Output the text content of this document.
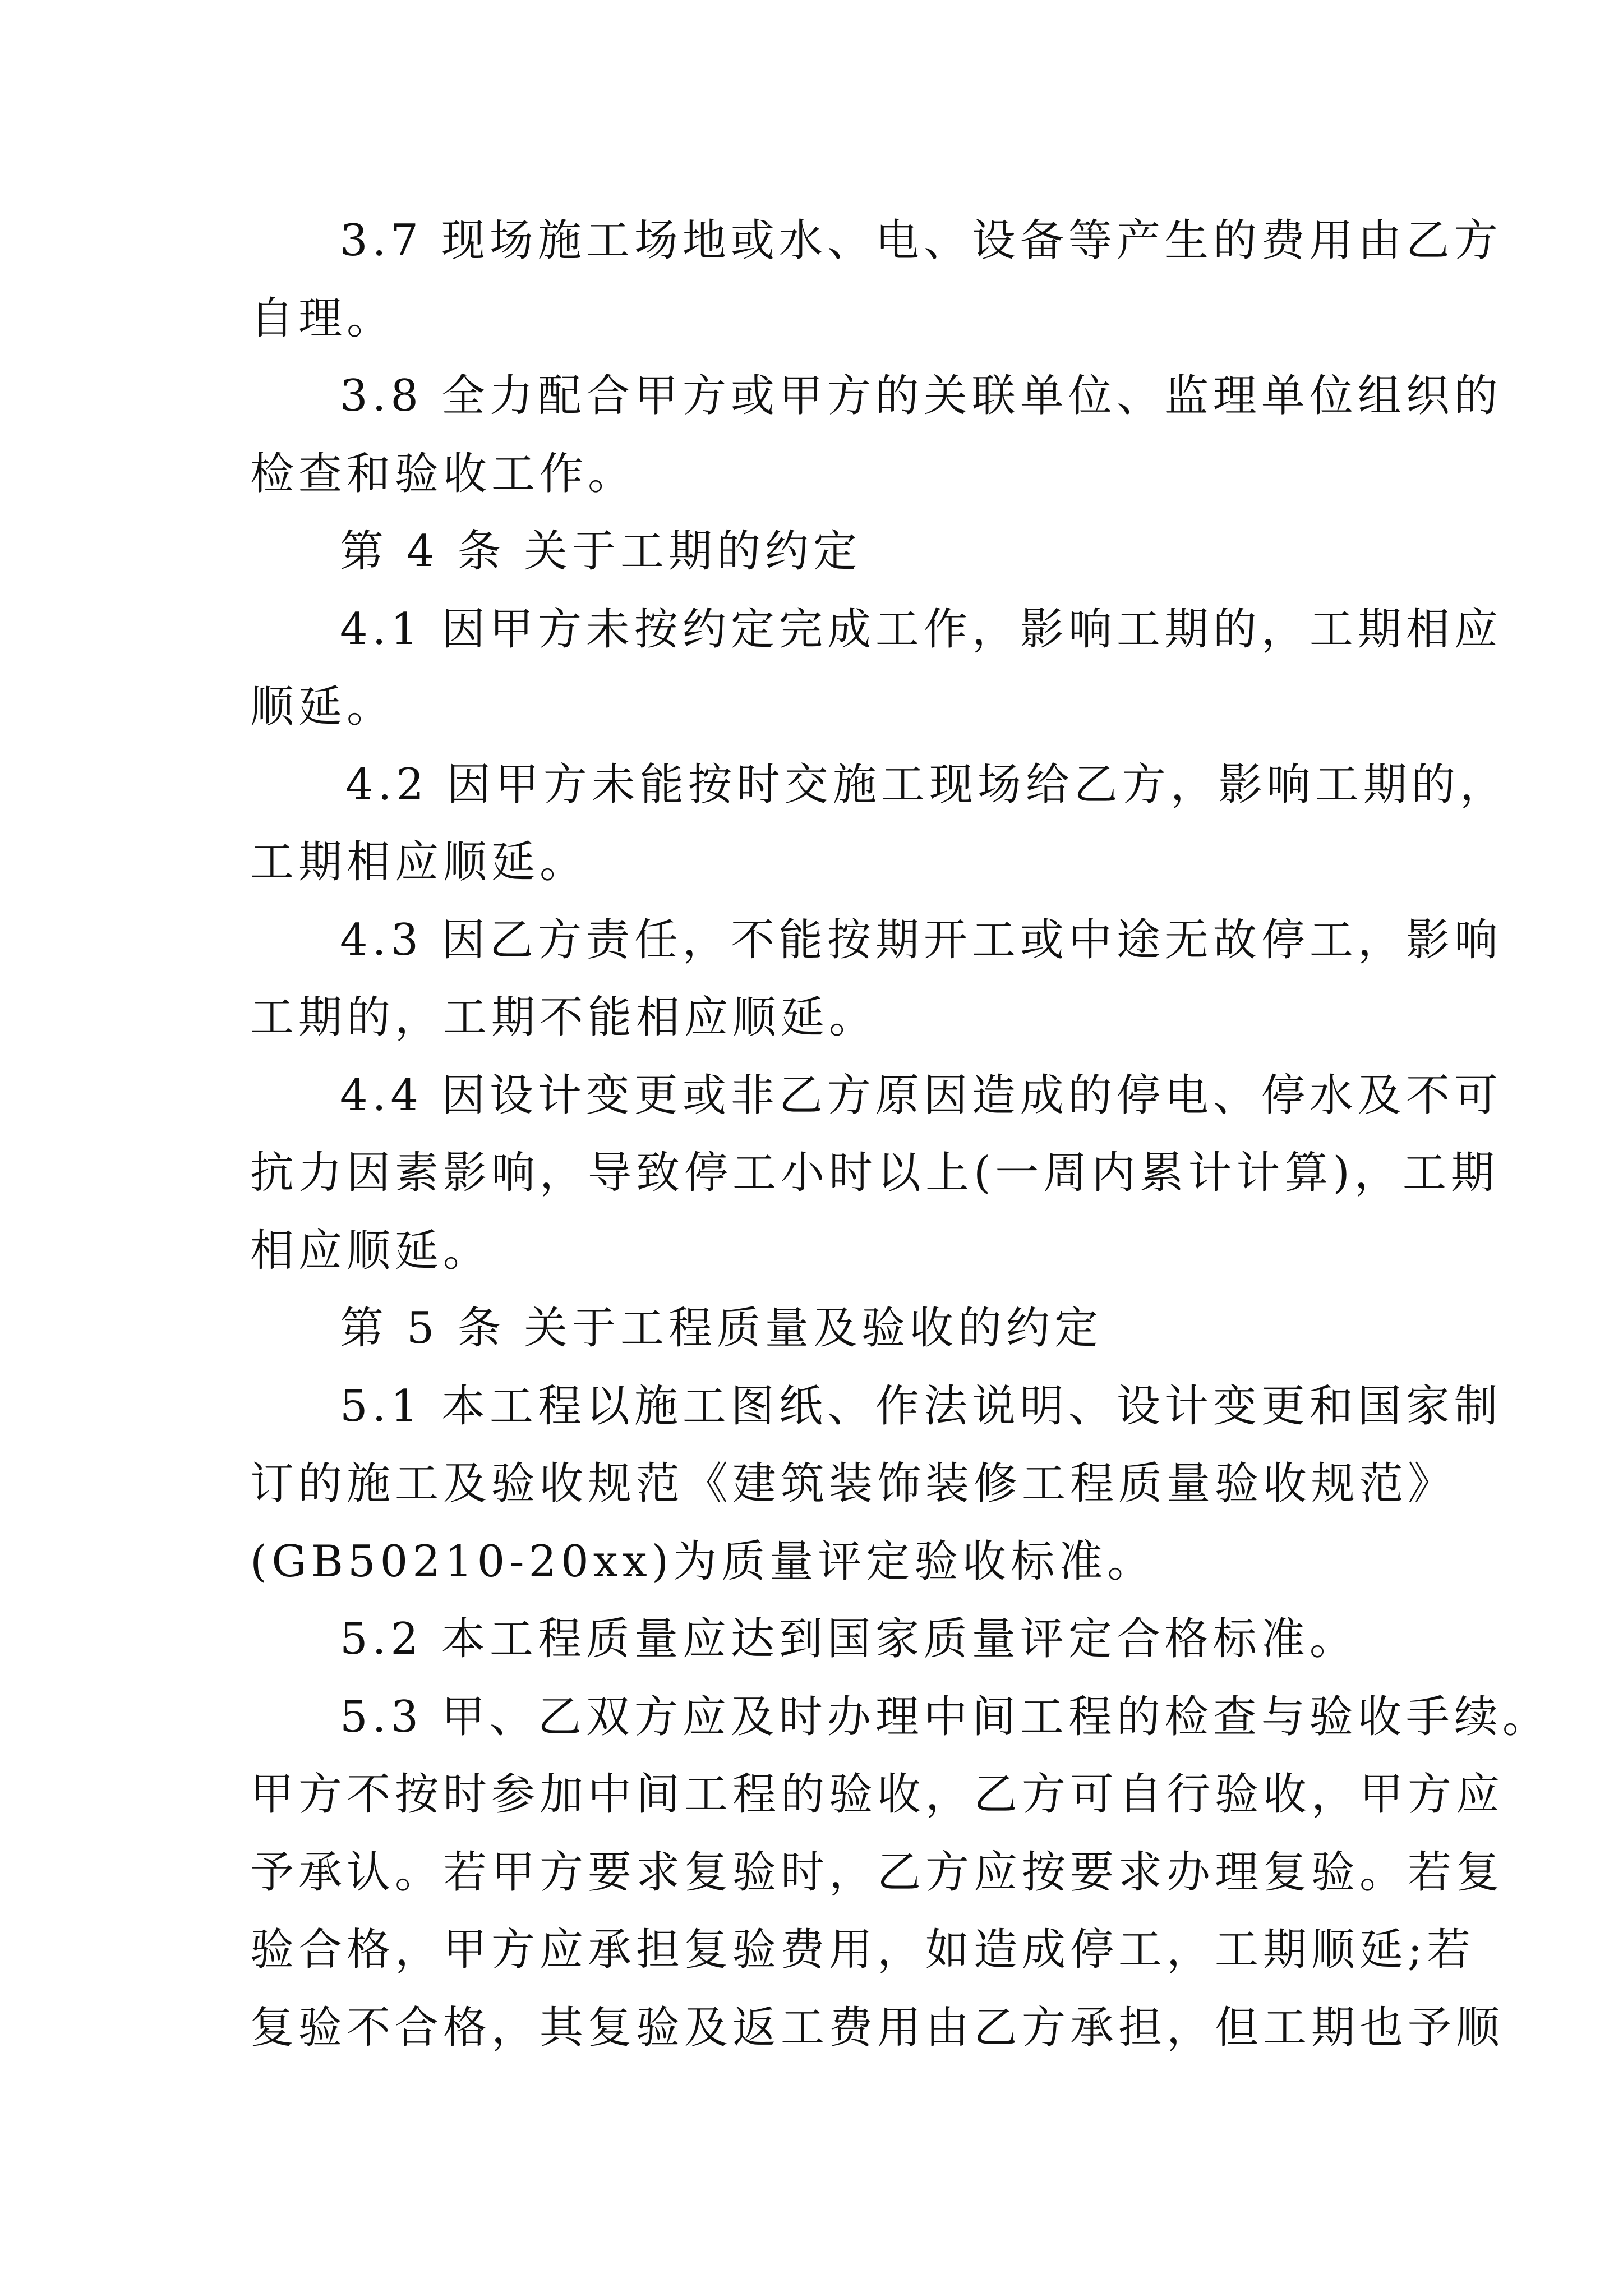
3.7 现场施工场地或水、电、设备等产生的费用由乙方
自理。
3.8 全力配合甲方或甲方的关联单位、监理单位组织的
检查和验收工作。
第 4 条 关于工期的约定
4.1 因甲方未按约定完成工作，影响工期的，工期相应
顺延。
4.2 因甲方未能按时交施工现场给乙方，影响工期的，
工期相应顺延。
4.3 因乙方责任，不能按期开工或中途无故停工，影响
工期的，工期不能相应顺延。
4.4 因设计变更或非乙方原因造成的停电、停水及不可
抗力因素影响，导致停工小时以上(一周内累计计算)，工期
相应顺延。
第 5 条 关于工程质量及验收的约定
5.1 本工程以施工图纸、作法说明、设计变更和国家制
订的施工及验收规范《建筑装饰装修工程质量验收规范》
(GB50210-20xx)为质量评定验收标准。
5.2 本工程质量应达到国家质量评定合格标准。
5.3 甲、乙双方应及时办理中间工程的检查与验收手续。
甲方不按时参加中间工程的验收，乙方可自行验收，甲方应
予承认。若甲方要求复验时，乙方应按要求办理复验。若复
验合格，甲方应承担复验费用，如造成停工，工期顺延;若
复验不合格，其复验及返工费用由乙方承担，但工期也予顺
